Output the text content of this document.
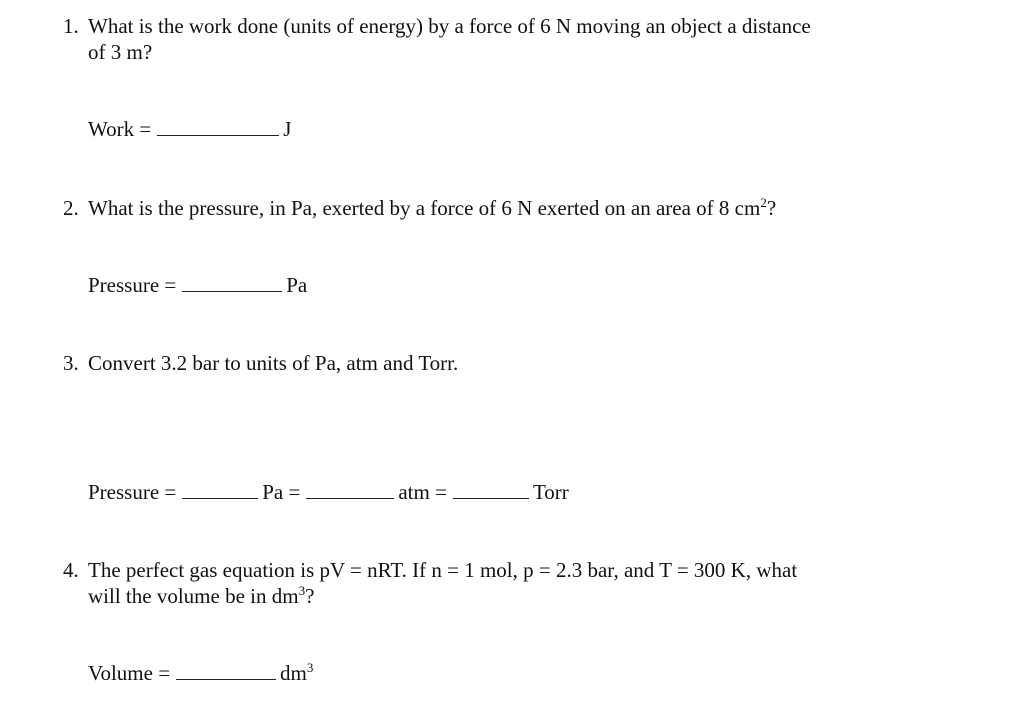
1. What is the work done (units of energy) by a force of 6 N moving an object a distance
of 3 m?
Work =	J
2. What is the pressure, in Pa, exerted by a force of 6 N exerted on an area of 8 $cm^2$?
Pressure =	Pa
3. Convert 3.2 bar to units of Pa, atm and Torr.
Pressure =	Pa =	atm =	Torr
4. The perfect gas equation is pV = nRT. If n = 1 mol, p = 2.3 bar, and T = 300 K, what
will the volume be in $dm^3$?
Volume =	$dm^3$
